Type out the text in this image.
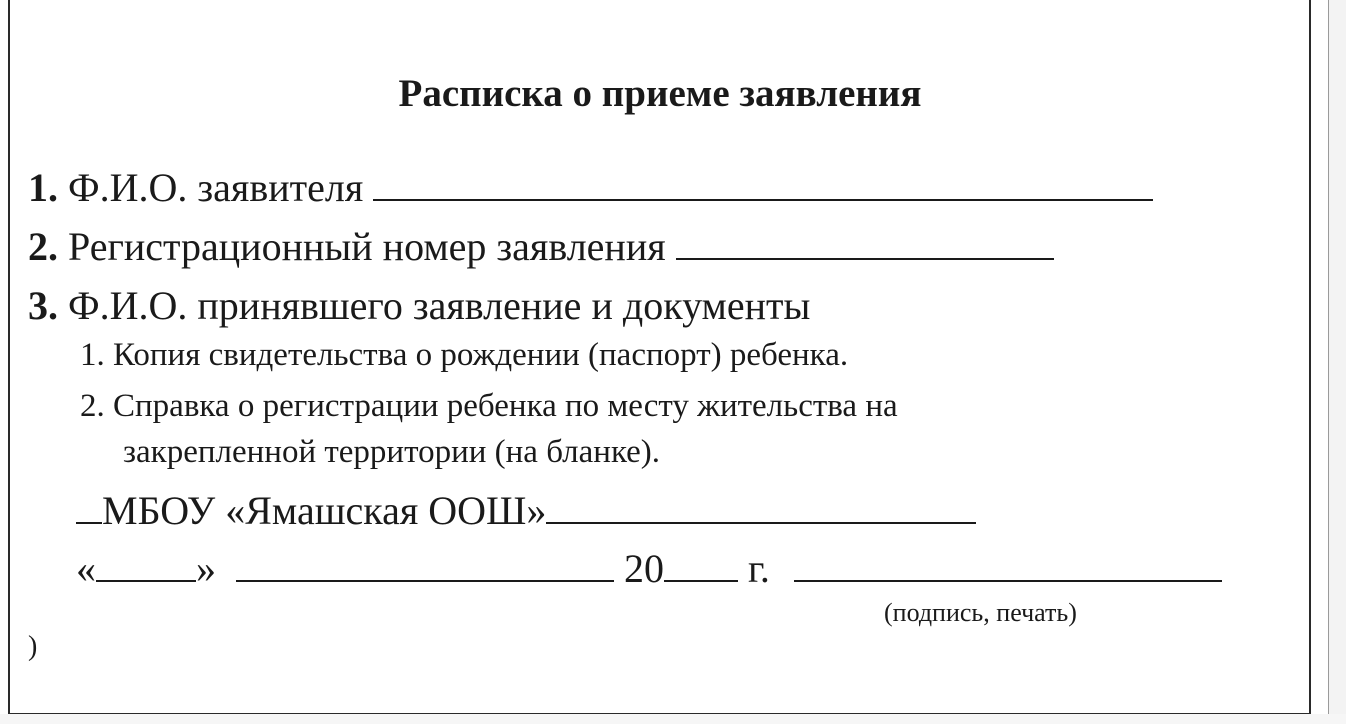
Расписка о приеме заявления
1. Ф.И.О. заявителя
2. Регистрационный номер заявления
3. Ф.И.О. принявшего заявление и документы
1. Копия свидетельства о рождении (паспорт) ребенка.
2. Справка о регистрации ребенка по месту жительства на
закрепленной территории (на бланке).
МБОУ «Ямашская ООШ»
«	»	20 г.
(подпись, печать)
)
